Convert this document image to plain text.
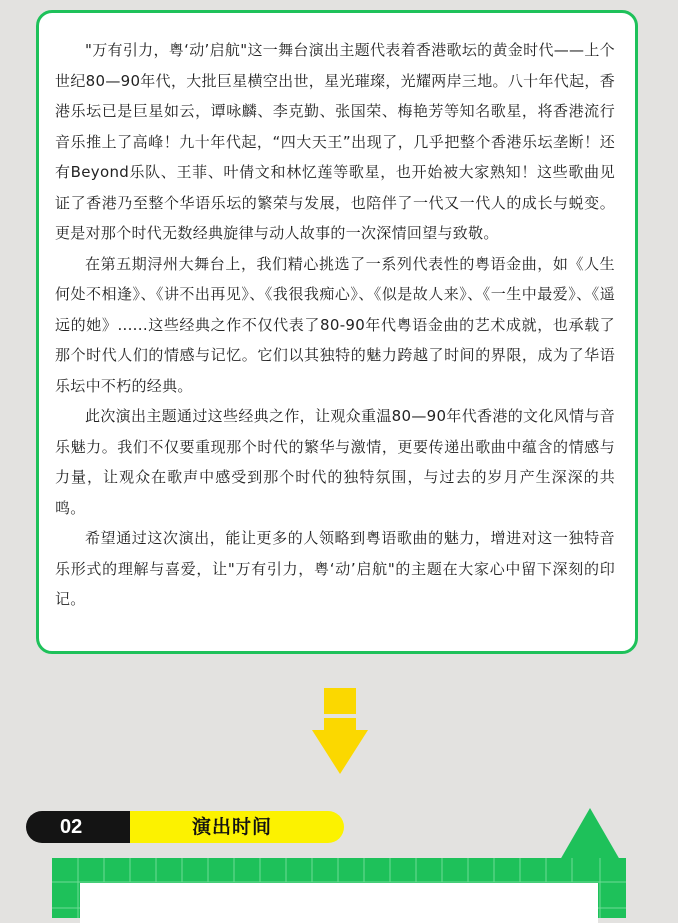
"万有引力，粤‘动’启航"这一舞台演出主题代表着香港歌坛的黄金时代——上个世纪80—90年代，大批巨星横空出世，星光璀璨，光耀两岸三地。八十年代起，香港乐坛已是巨星如云，谭咏麟、李克勤、张国荣、梅艳芳等知名歌星，将香港流行音乐推上了高峰！九十年代起，“四大天王”出现了，几乎把整个香港乐坛垄断！还有Beyond乐队、王菲、叶倩文和林忆莲等歌星，也开始被大家熟知！这些歌曲见证了香港乃至整个华语乐坛的繁荣与发展，也陪伴了一代又一代人的成长与蜕变。更是对那个时代无数经典旋律与动人故事的一次深情回望与致敬。

在第五期浔州大舞台上，我们精心挑选了一系列代表性的粤语金曲，如《人生何处不相逢》、《讲不出再见》、《我很我痴心》、《似是故人来》、《一生中最爱》、《遥远的她》......这些经典之作不仅代表了80-90年代粤语金曲的艺术成就，也承载了那个时代人们的情感与记忆。它们以其独特的魅力跨越了时间的界限，成为了华语乐坛中不朽的经典。

此次演出主题通过这些经典之作，让观众重温80—90年代香港的文化风情与音乐魅力。我们不仅要重现那个时代的繁华与激情，更要传递出歌曲中蕴含的情感与力量，让观众在歌声中感受到那个时代的独特氛围，与过去的岁月产生深深的共鸣。

希望通过这次演出，能让更多的人领略到粤语歌曲的魅力，增进对这一独特音乐形式的理解与喜爱，让"万有引力，粤‘动’启航"的主题在大家心中留下深刻的印记。

演出时间
02
